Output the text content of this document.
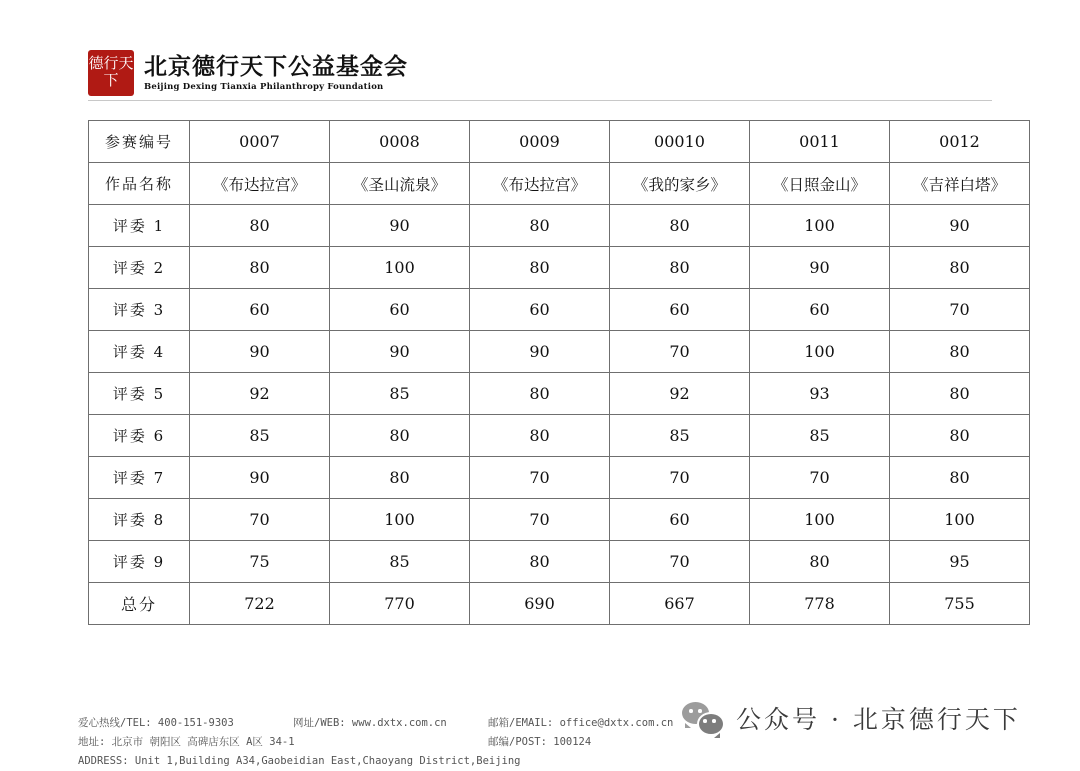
德行天下	北京德行天下公益基金会
Beijing Dexing Tianxia Philanthropy Foundation
参赛编号	0007	0008	0009	00010	0011	0012
作品名称	《布达拉宫》	《圣山流泉》	《布达拉宫》	《我的家乡》	《日照金山》	《吉祥白塔》
评委 1	80	90	80	80	100	90
评委 2	80	100	80	80	90	80
评委 3	60	60	60	60	60	70
评委 4	90	90	90	70	100	80
评委 5	92	85	80	92	93	80
评委 6	85	80	80	85	85	80
评委 7	90	80	70	70	70	80
评委 8	70	100	70	60	100	100
评委 9	75	85	80	70	80	95
总分	722	770	690	667	778	755
爱心热线/TEL: 400-151-9303	网址/WEB: www.dxtx.com.cn	邮箱/EMAIL: office@dxtx.com.cn
地址: 北京市 朝阳区 高碑店东区 A区 34-1	邮编/POST: 100124
ADDRESS: Unit 1,Building A34,Gaobeidian East,Chaoyang District,Beijing
公众号 · 北京德行天下
